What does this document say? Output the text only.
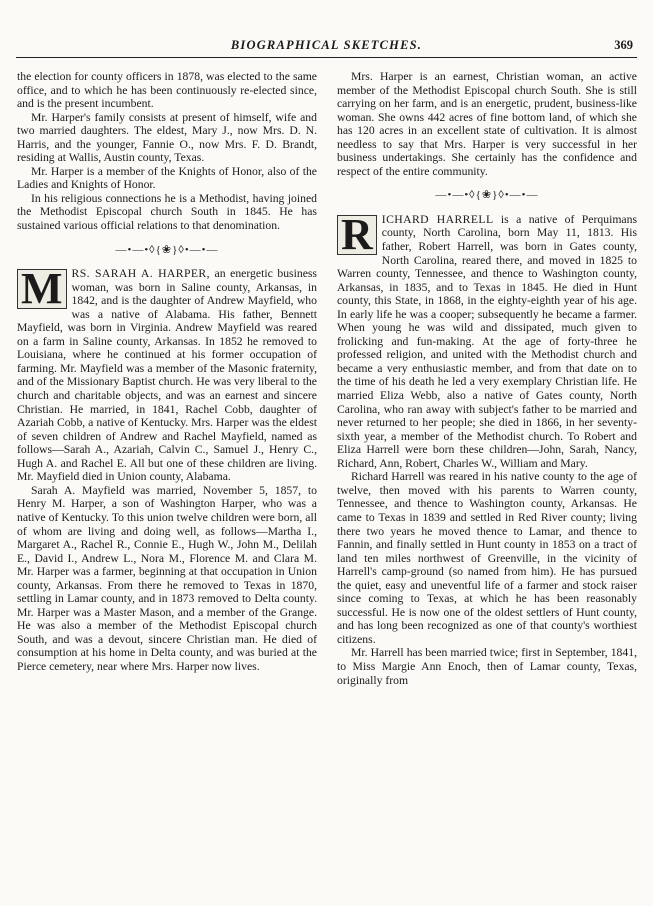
BIOGRAPHICAL SKETCHES.	369

the election for county officers in 1878, was elected to the same office, and to which he has been continuously re-elected since, and is the present incumbent.

Mr. Harper's family consists at present of himself, wife and two married daughters. The eldest, Mary J., now Mrs. D. N. Harris, and the younger, Fannie O., now Mrs. F. D. Brandt, residing at Wallis, Austin county, Texas.

Mr. Harper is a member of the Knights of Honor, also of the Ladies and Knights of Honor.

In his religious connections he is a Methodist, having joined the Methodist Episcopal church South in 1845. He has sustained various official relations to that denomination.

—•—•◊{❀}◊•—•—

M RS. SARAH A. HARPER, an energetic business woman, was born in Saline county, Arkansas, in 1842, and is the daughter of Andrew Mayfield, who was a native of Alabama. His father, Bennett Mayfield, was born in Virginia. Andrew Mayfield was reared on a farm in Saline county, Arkansas. In 1852 he removed to Louisiana, where he continued at his former occupation of farming. Mr. Mayfield was a member of the Masonic fraternity, and of the Missionary Baptist church. He was very liberal to the church and charitable objects, and was an earnest and sincere Christian. He married, in 1841, Rachel Cobb, daughter of Azariah Cobb, a native of Kentucky. Mrs. Harper was the eldest of seven children of Andrew and Rachel Mayfield, named as follows—Sarah A., Azariah, Calvin C., Samuel J., Henry C., Hugh A. and Rachel E. All but one of these children are living. Mr. Mayfield died in Union county, Alabama.

Sarah A. Mayfield was married, November 5, 1857, to Henry M. Harper, a son of Washington Harper, who was a native of Kentucky. To this union twelve children were born, all of whom are living and doing well, as follows—Martha I., Margaret A., Rachel R., Connie E., Hugh W., John M., Delilah E., David I., Andrew L., Nora M., Florence M. and Clara M. Mr. Harper was a farmer, beginning at that occupation in Union county, Arkansas. From there he removed to Texas in 1870, settling in Lamar county, and in 1873 removed to Delta county. Mr. Harper was a Master Mason, and a member of the Grange. He was also a member of the Methodist Episcopal church South, and was a devout, sincere Christian man. He died of consumption at his home in Delta county, and was buried at the Pierce cemetery, near where Mrs. Harper now lives.

Mrs. Harper is an earnest, Christian woman, an active member of the Methodist Episcopal church South. She is still carrying on her farm, and is an energetic, prudent, business-like woman. She owns 442 acres of fine bottom land, of which she has 120 acres in an excellent state of cultivation. It is almost needless to say that Mrs. Harper is very successful in her business undertakings. She certainly has the confidence and respect of the entire community.

—•—•◊{❀}◊•—•—

R ICHARD HARRELL is a native of Perquimans county, North Carolina, born May 11, 1813. His father, Robert Harrell, was born in Gates county, North Carolina, reared there, and moved in 1825 to Warren county, Tennessee, and thence to Washington county, Arkansas, in 1835, and to Texas in 1845. He died in Hunt county, this State, in 1868, in the eighty-eighth year of his age. In early life he was a cooper; subsequently he became a farmer. When young he was wild and dissipated, much given to frolicking and fun-making. At the age of forty-three he professed religion, and united with the Methodist church and became a very enthusiastic member, and from that date on to the time of his death he led a very exemplary Christian life. He married Eliza Webb, also a native of Gates county, North Carolina, who ran away with subject's father to be married and never returned to her people; she died in 1866, in her seventy-sixth year, a member of the Methodist church. To Robert and Eliza Harrell were born these children—John, Sarah, Nancy, Richard, Ann, Robert, Charles W., William and Mary.

Richard Harrell was reared in his native county to the age of twelve, then moved with his parents to Warren county, Tennessee, and thence to Washington county, Arkansas. He came to Texas in 1839 and settled in Red River county; living there two years he moved thence to Lamar, and thence to Fannin, and finally settled in Hunt county in 1853 on a tract of land ten miles northwest of Greenville, in the vicinity of Harrell's camp-ground (so named from him). He has pursued the quiet, easy and uneventful life of a farmer and stock raiser since coming to Texas, at which he has been reasonably successful. He is now one of the oldest settlers of Hunt county, and has long been recognized as one of that county's worthiest citizens.

Mr. Harrell has been married twice; first in September, 1841, to Miss Margie Ann Enoch, then of Lamar county, Texas, originally from
